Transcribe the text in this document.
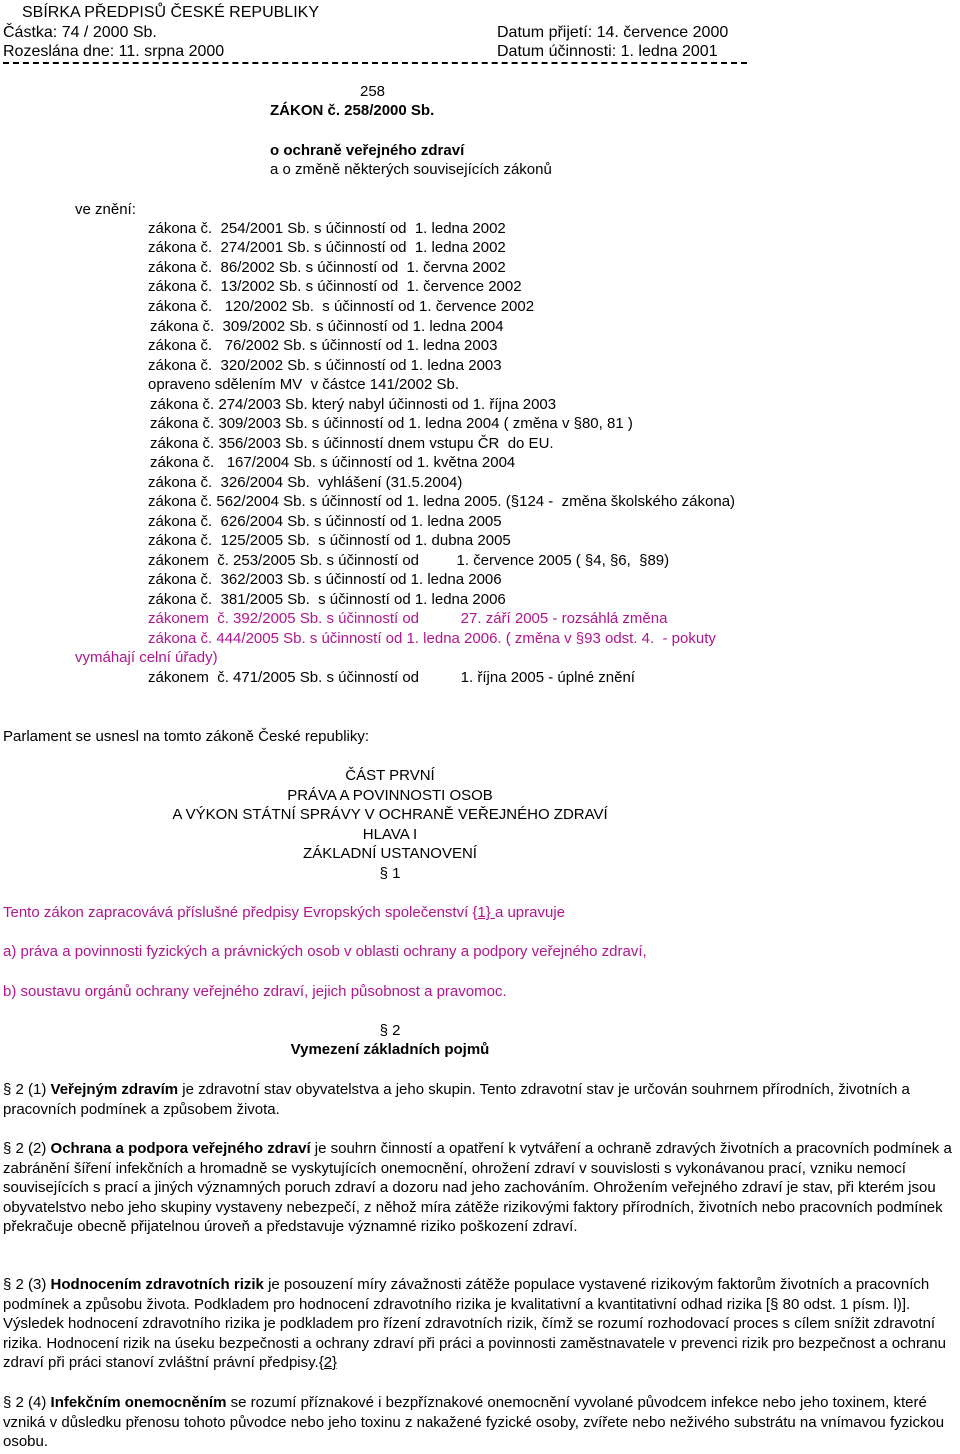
SBÍRKA PŘEDPISŮ ČESKÉ REPUBLIKY
Částka: 74 / 2000 Sb.	Datum přijetí: 14. července 2000
Rozeslána dne: 11. srpna 2000	Datum účinnosti: 1. ledna 2001
258
ZÁKON č. 258/2000 Sb.
o ochraně veřejného zdraví
a o změně některých souvisejících zákonů
ve znění:
zákona č.  254/2001 Sb. s účinností od  1. ledna 2002
zákona č.  274/2001 Sb. s účinností od  1. ledna 2002
zákona č.  86/2002 Sb. s účinností od  1. června 2002
zákona č.  13/2002 Sb. s účinností od  1. července 2002
zákona č.   120/2002 Sb.  s účinností od 1. července 2002
zákona č.  309/2002 Sb. s účinností od 1. ledna 2004
zákona č.   76/2002 Sb. s účinností od 1. ledna 2003
zákona č.  320/2002 Sb. s účinností od 1. ledna 2003
opraveno sdělením MV  v částce 141/2002 Sb.
zákona č. 274/2003 Sb. který nabyl účinnosti od 1. října 2003
zákona č. 309/2003 Sb. s účinností od 1. ledna 2004 ( změna v §80, 81 )
zákona č. 356/2003 Sb. s účinností dnem vstupu ČR  do EU.
zákona č.   167/2004 Sb. s účinností od 1. května 2004
zákona č.  326/2004 Sb.  vyhlášení (31.5.2004)
zákona č. 562/2004 Sb. s účinností od 1. ledna 2005. (§124 -  změna školského zákona)
zákona č.  626/2004 Sb. s účinností od 1. ledna 2005
zákona č.  125/2005 Sb.  s účinností od 1. dubna 2005
zákonem  č. 253/2005 Sb. s účinností od         1. července 2005 ( §4, §6,  §89)
zákona č.  362/2003 Sb. s účinností od 1. ledna 2006
zákona č.  381/2005 Sb.  s účinností od 1. ledna 2006
zákonem  č. 392/2005 Sb. s účinností od          27. září 2005 - rozsáhlá změna
zákona č. 444/2005 Sb. s účinností od 1. ledna 2006. ( změna v §93 odst. 4.  - pokuty
vymáhají celní úřady)
zákonem  č. 471/2005 Sb. s účinností od          1. října 2005 - úplné znění
Parlament se usnesl na tomto zákoně České republiky:
ČÁST PRVNÍ
PRÁVA A POVINNOSTI OSOB
A VÝKON STÁTNÍ SPRÁVY V OCHRANĚ VEŘEJNÉHO ZDRAVÍ
HLAVA I
ZÁKLADNÍ USTANOVENÍ
§ 1
Tento zákon zapracovává příslušné předpisy Evropských společenství {1} a upravuje
a) práva a povinnosti fyzických a právnických osob v oblasti ochrany a podpory veřejného zdraví,
b) soustavu orgánů ochrany veřejného zdraví, jejich působnost a pravomoc.
§ 2
Vymezení základních pojmů
§ 2 (1) Veřejným zdravím je zdravotní stav obyvatelstva a jeho skupin. Tento zdravotní stav je určován souhrnem přírodních, životních a pracovních podmínek a způsobem života.
§ 2 (2) Ochrana a podpora veřejného zdraví je souhrn činností a opatření k vytváření a ochraně zdravých životních a pracovních podmínek a zabránění šíření infekčních a hromadně se vyskytujících onemocnění, ohrožení zdraví v souvislosti s vykonávanou prací, vzniku nemocí souvisejících s prací a jiných významných poruch zdraví a dozoru nad jeho zachováním. Ohrožením veřejného zdraví je stav, při kterém jsou obyvatelstvo nebo jeho skupiny vystaveny nebezpečí, z něhož míra zátěže rizikovými faktory přírodních, životních nebo pracovních podmínek překračuje obecně přijatelnou úroveň a představuje významné riziko poškození zdraví.
§ 2 (3) Hodnocením zdravotních rizik je posouzení míry závažnosti zátěže populace vystavené rizikovým faktorům životních a pracovních podmínek a způsobu života. Podkladem pro hodnocení zdravotního rizika je kvalitativní a kvantitativní odhad rizika [§ 80 odst. 1 písm. l)]. Výsledek hodnocení zdravotního rizika je podkladem pro řízení zdravotních rizik, čímž se rozumí rozhodovací proces s cílem snížit zdravotní rizika. Hodnocení rizik na úseku bezpečnosti a ochrany zdraví při práci a povinnosti zaměstnavatele v prevenci rizik pro bezpečnost a ochranu zdraví při práci stanoví zvláštní právní předpisy.{2}
§ 2 (4) Infekčním onemocněním se rozumí příznakové i bezpříznakové onemocnění vyvolané původcem infekce nebo jeho toxinem, které vzniká v důsledku přenosu tohoto původce nebo jeho toxinu z nakažené fyzické osoby, zvířete nebo neživého substrátu na vnímavou fyzickou osobu.
